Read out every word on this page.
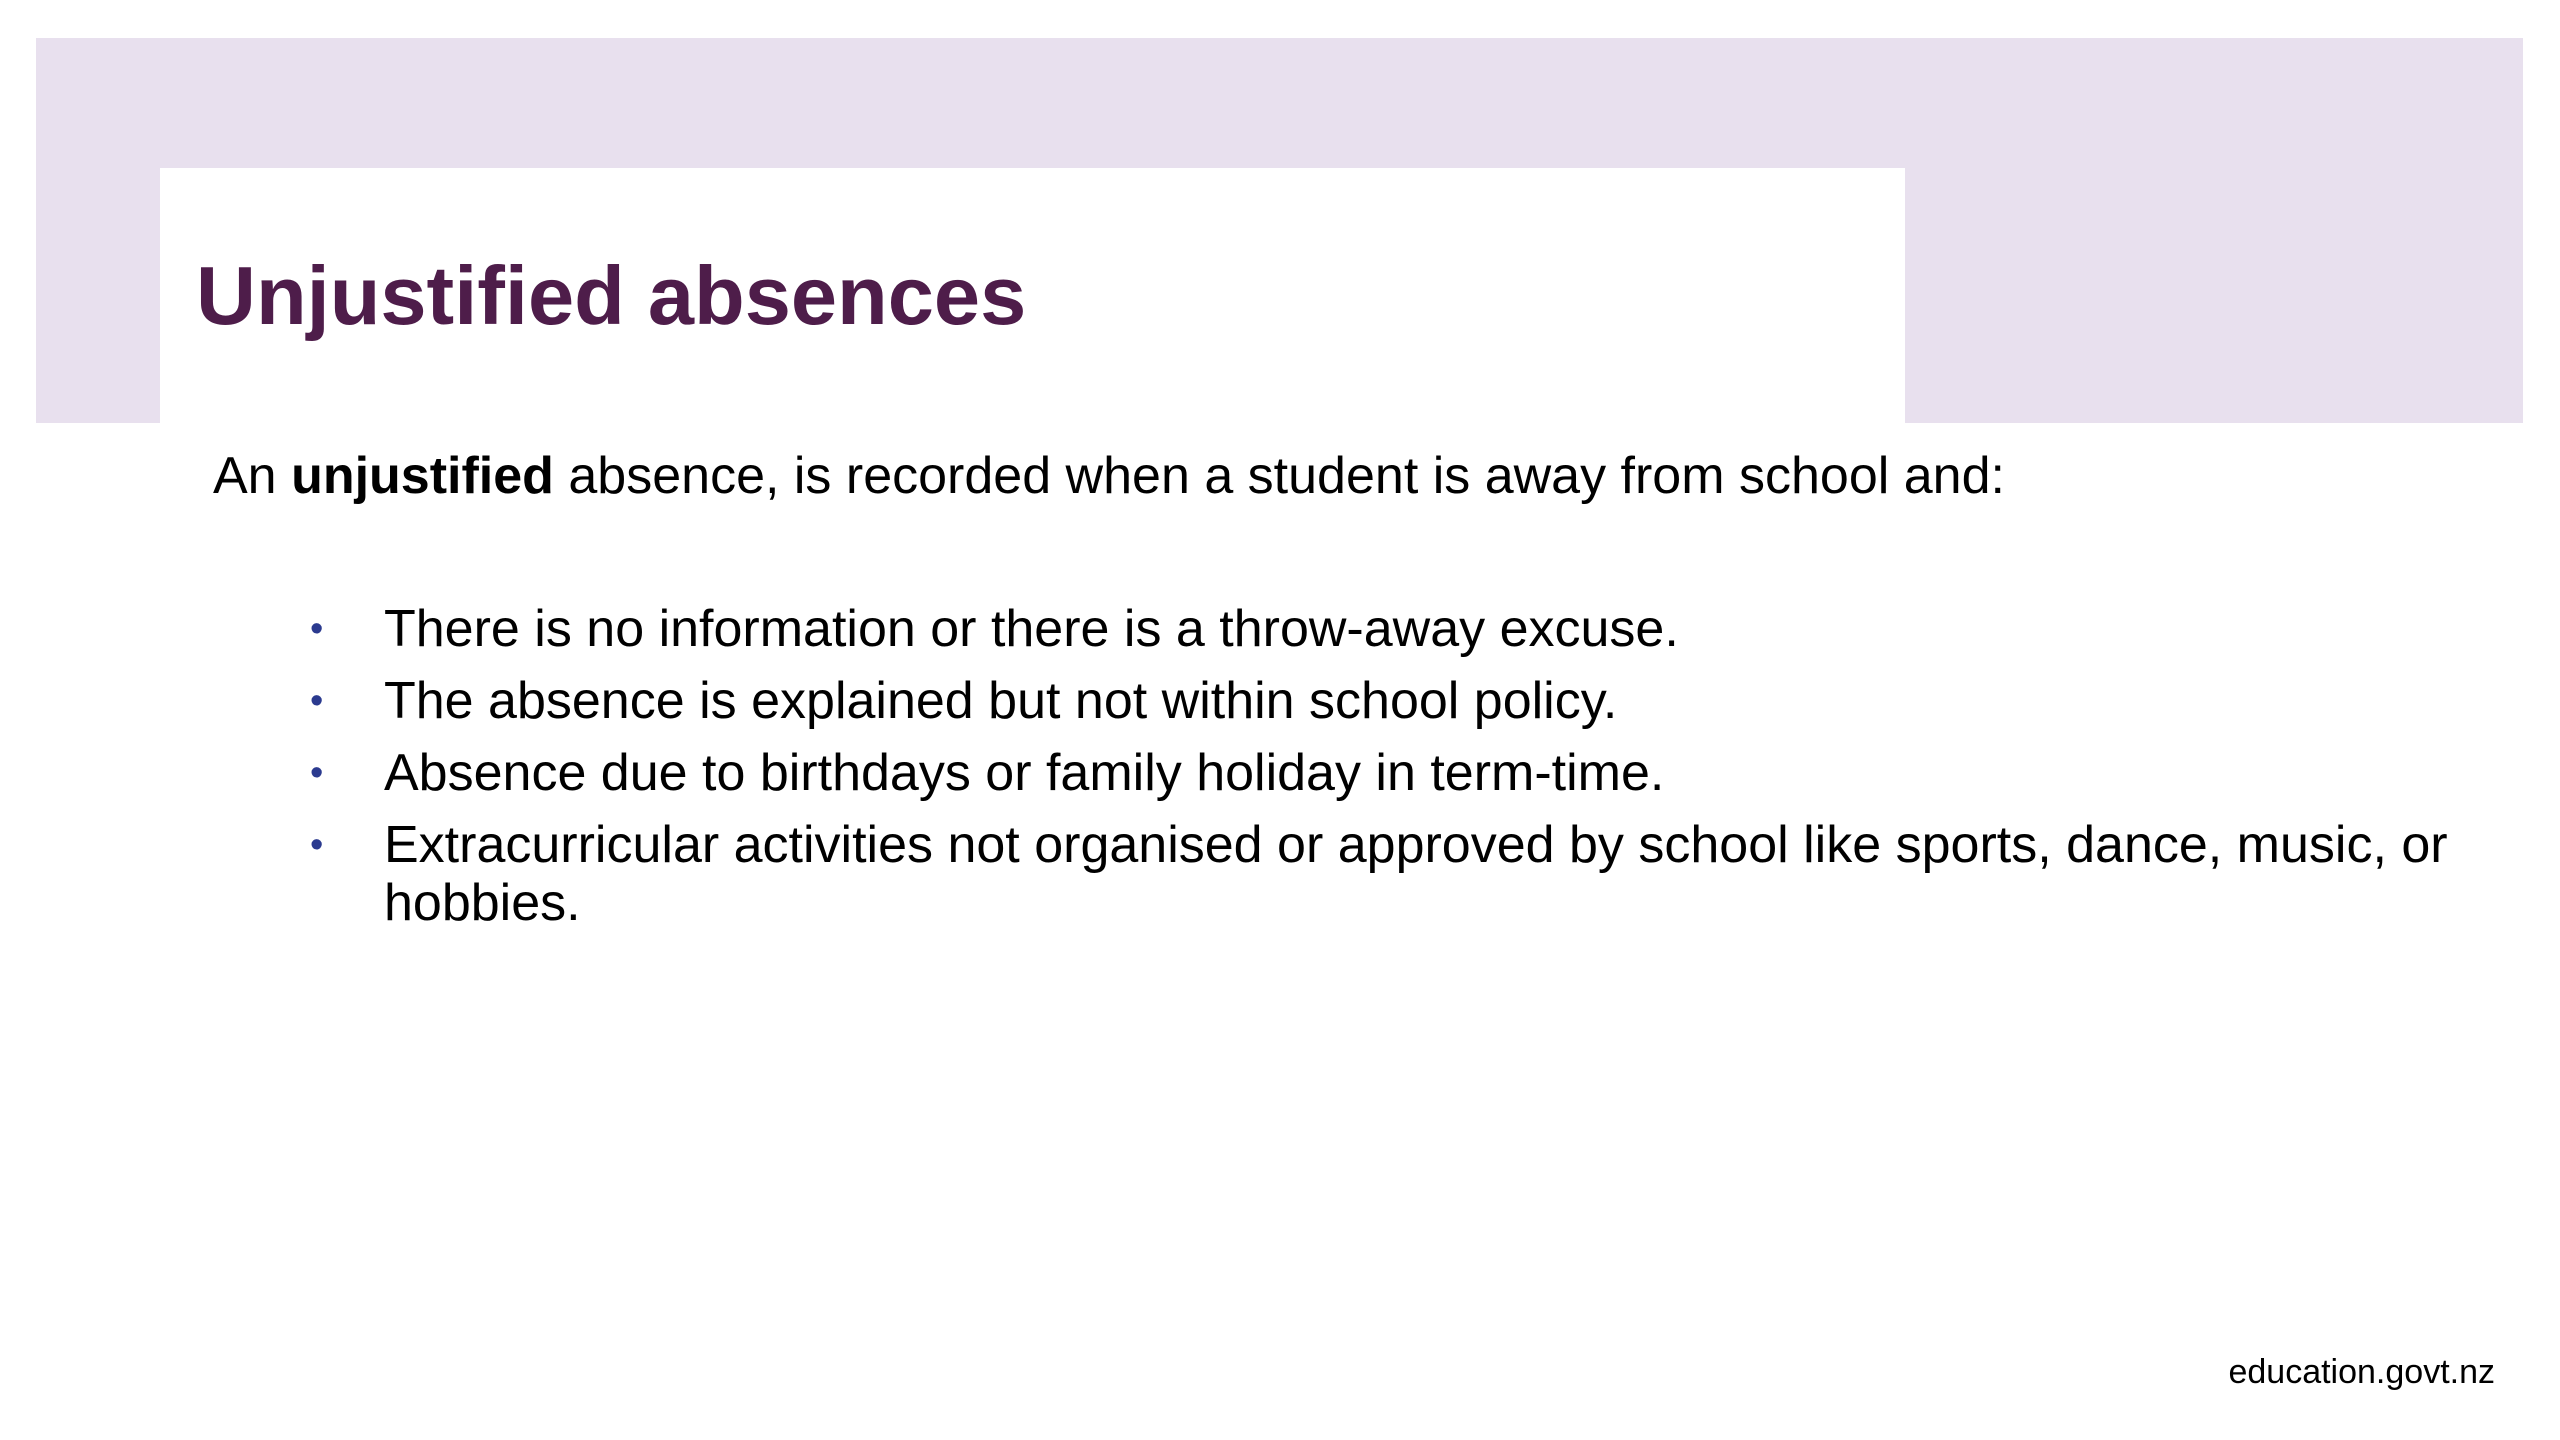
Unjustified absences

An unjustified absence, is recorded when a student is away from school and:

• There is no information or there is a throw-away excuse.
• The absence is explained but not within school policy.
• Absence due to birthdays or family holiday in term-time.
• Extracurricular activities not organised or approved by school like sports, dance, music, or hobbies.

education.govt.nz
